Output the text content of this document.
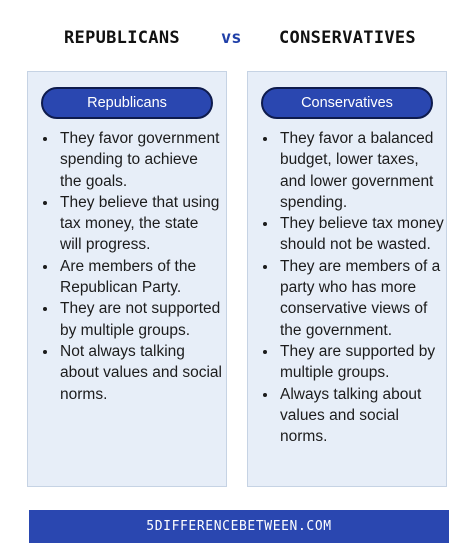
REPUBLICANS vs CONSERVATIVES
Republicans
• They favor government spending to achieve the goals.
• They believe that using tax money, the state will progress.
• Are members of the Republican Party.
• They are not supported by multiple groups.
• Not always talking about values and social norms.
Conservatives
• They favor a balanced budget, lower taxes, and lower government spending.
• They believe tax money should not be wasted.
• They are members of a party who has more conservative views of the government.
• They are supported by multiple groups.
• Always talking about values and social norms.
5DIFFERENCEBETWEEN.COM
